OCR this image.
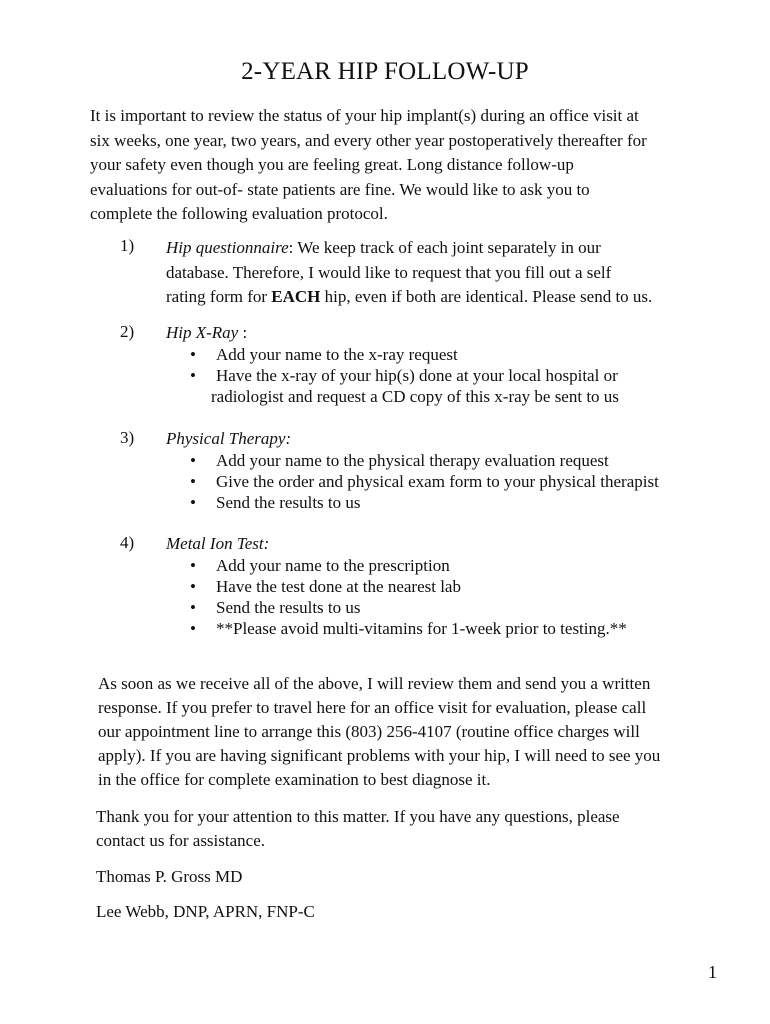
2-YEAR HIP FOLLOW-UP
It is important to review the status of your hip implant(s) during an office visit at
six weeks, one year, two years, and every other year postoperatively thereafter for
your safety even though you are feeling great. Long distance follow-up
evaluations for out-of- state patients are fine. We would like to ask you to
complete the following evaluation protocol.
1) Hip questionnaire: We keep track of each joint separately in our
database. Therefore, I would like to request that you fill out a self
rating form for EACH hip, even if both are identical. Please send to us.
2) Hip X-Ray :
• Add your name to the x-ray request
• Have the x-ray of your hip(s) done at your local hospital or
radiologist and request a CD copy of this x-ray be sent to us
3) Physical Therapy:
• Add your name to the physical therapy evaluation request
• Give the order and physical exam form to your physical therapist
• Send the results to us
4) Metal Ion Test:
• Add your name to the prescription
• Have the test done at the nearest lab
• Send the results to us
• **Please avoid multi-vitamins for 1-week prior to testing.**
As soon as we receive all of the above, I will review them and send you a written
response. If you prefer to travel here for an office visit for evaluation, please call
our appointment line to arrange this (803) 256-4107 (routine office charges will
apply). If you are having significant problems with your hip, I will need to see you
in the office for complete examination to best diagnose it.
Thank you for your attention to this matter. If you have any questions, please
contact us for assistance.
Thomas P. Gross MD
Lee Webb, DNP, APRN, FNP-C
1
